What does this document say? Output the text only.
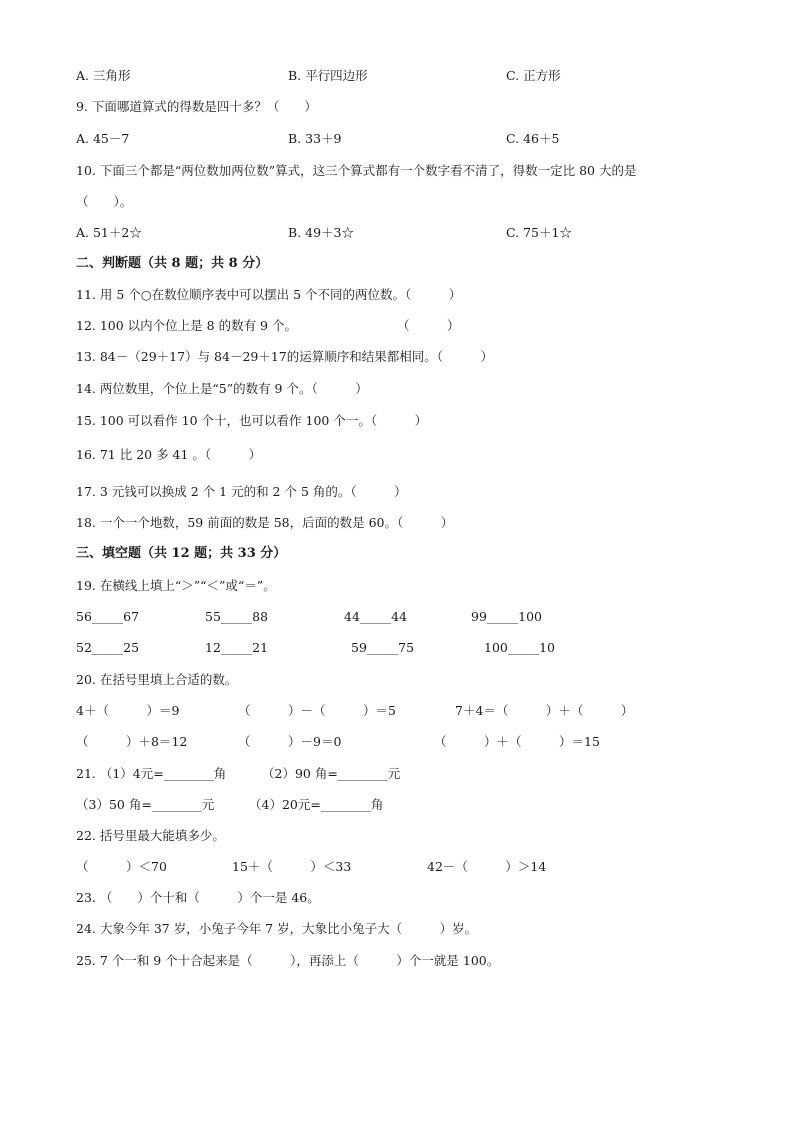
A. 三角形	B. 平行四边形	C. 正方形
9. 下面哪道算式的得数是四十多？（　　）
A. 45－7	B. 33＋9	C. 46＋5
10. 下面三个都是“两位数加两位数”算式，这三个算式都有一个数字看不清了，得数一定比 80 大的是
（　　）。
A. 51＋2☆	B. 49＋3☆	C. 75＋1☆
二、判断题（共 8 题；共 8 分）
11. 用 5 个○在数位顺序表中可以摆出 5 个不同的两位数。（　　　）
12. 100 以内个位上是 8 的数有 9 个。　　　　　　　　　（　　　）
13. 84－（29＋17）与 84－29＋17的运算顺序和结果都相同。（　　　）
14. 两位数里，个位上是“5”的数有 9 个。（　　　）
15. 100 可以看作 10 个十，也可以看作 100 个一。（　　　）
16. 71 比 20 多 41 。（　　　）
17. 3 元钱可以换成 2 个 1 元的和 2 个 5 角的。（　　　）
18. 一个一个地数，59 前面的数是 58，后面的数是 60。（　　　）
三、填空题（共 12 题；共 33 分）
19. 在横线上填上“＞”“＜”或“＝”。
56_____67	55_____88	44_____44	99_____100
52_____25	12_____21	59_____75	100_____10
20. 在括号里填上合适的数。
4＋（　　　）＝9	（　　　）－（　　　）＝5	7＋4＝（　　　）＋（　　　）
（　　　）＋8＝12	（　　　）－9＝0	（　　　）＋（　　　）＝15
21. （1）4元=________角	（2）90 角=________元
（3）50 角=________元	（4）20元=________角
22. 括号里最大能填多少。
（　　　）＜70	15＋（　　　）＜33	42－（　　　）＞14
23. （　　）个十和（　　　）个一是 46。
24. 大象今年 37 岁，小兔子今年 7 岁，大象比小兔子大（　　　）岁。
25. 7 个一和 9 个十合起来是（　　　），再添上（　　　）个一就是 100。
